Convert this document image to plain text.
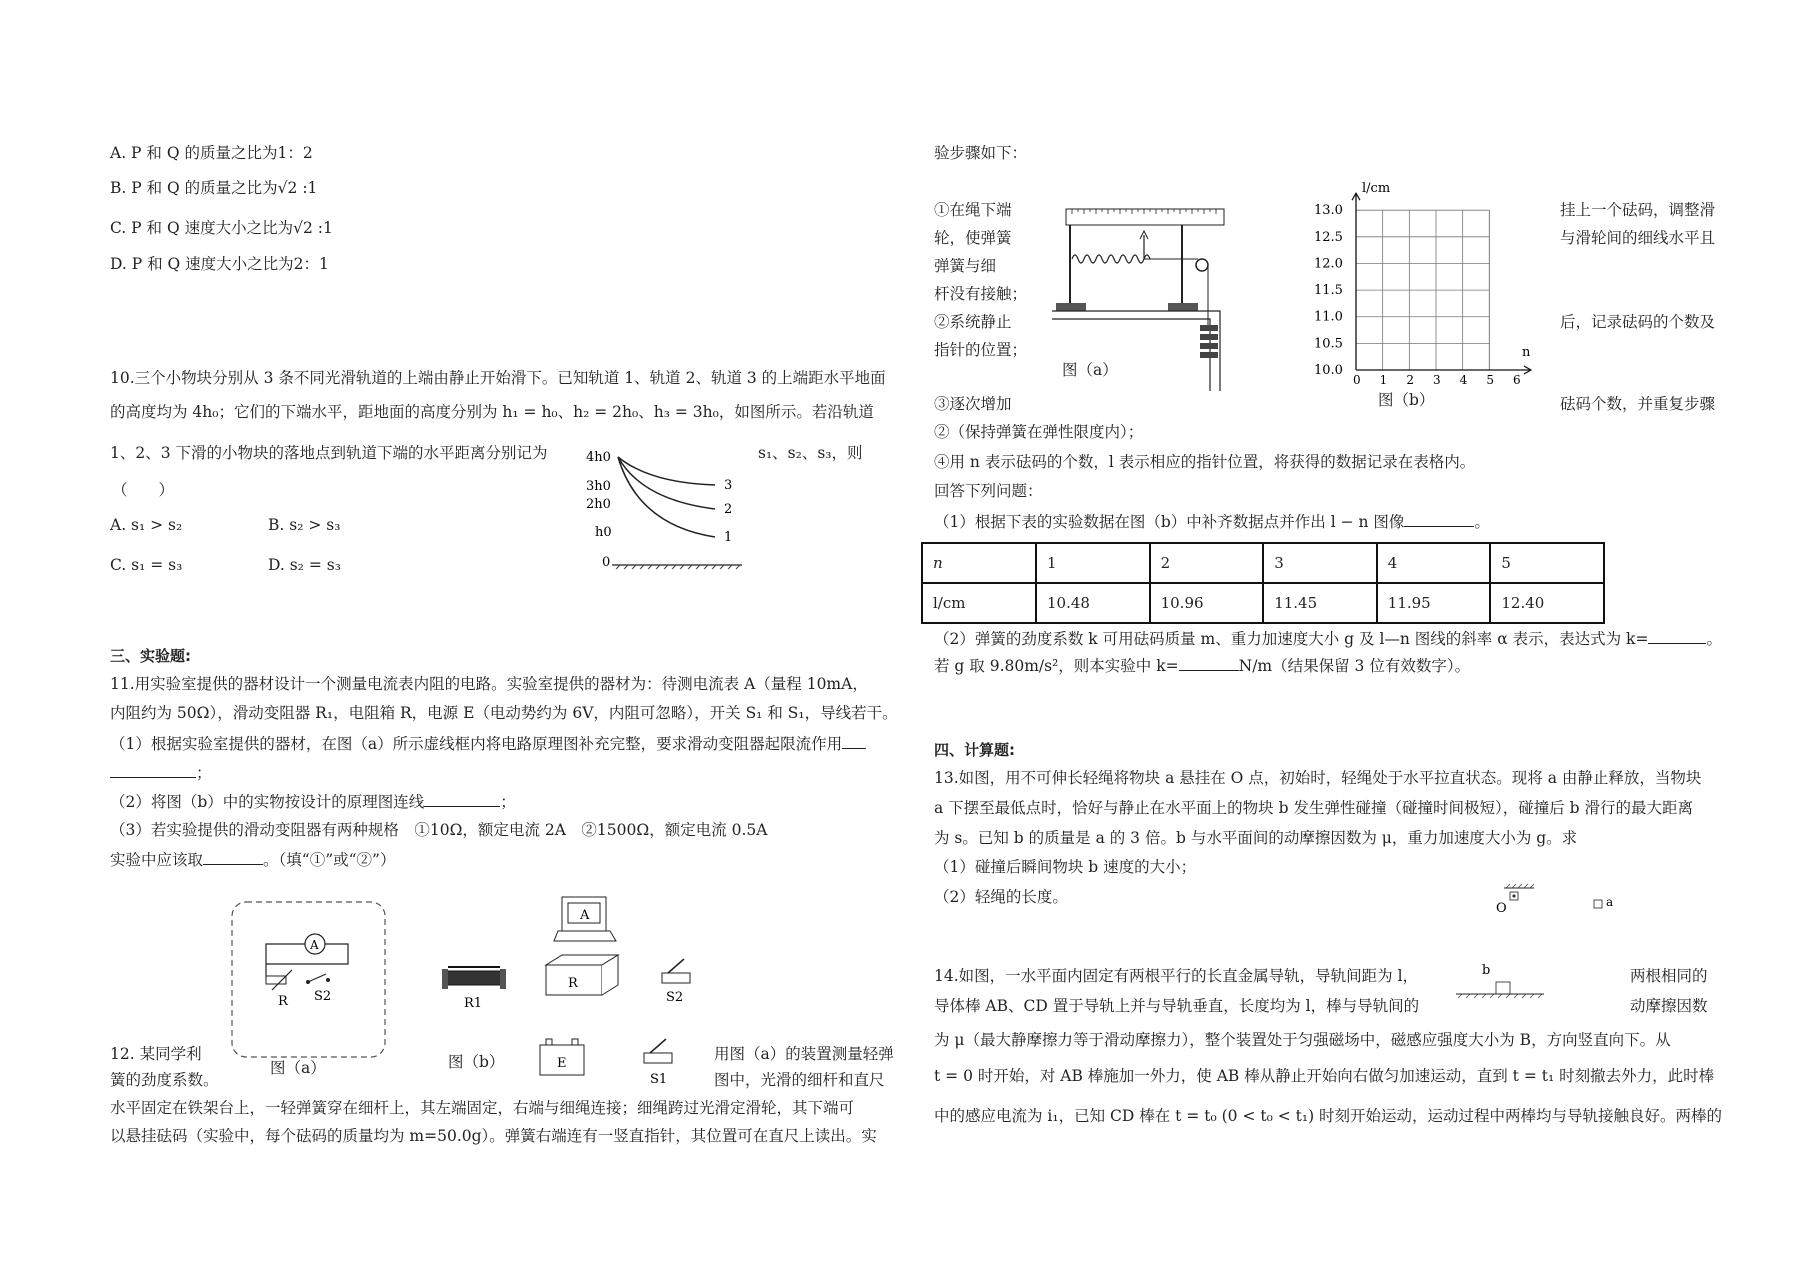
A. P 和 Q 的质量之比为1：2
B. P 和 Q 的质量之比为√2 :1
C. P 和 Q 速度大小之比为√2 :1
D. P 和 Q 速度大小之比为2：1
10.三个小物块分别从 3 条不同光滑轨道的上端由静止开始滑下。已知轨道 1、轨道 2、轨道 3 的上端距水平地面
的高度均为 4h₀；它们的下端水平，距地面的高度分别为 h₁ = h₀、h₂ = 2h₀、h₃ = 3h₀，如图所示。若沿轨道
1、2、3 下滑的小物块的落地点到轨道下端的水平距离分别记为	s₁、s₂、s₃，则
（　　）
A. s₁ > s₂	B. s₂ > s₃
C. s₁ = s₃	D. s₂ = s₃
4h0
3h0
2h0
h0
0
3
2
1
三、实验题:
11.用实验室提供的器材设计一个测量电流表内阻的电路。实验室提供的器材为：待测电流表 A（量程 10mA，
内阻约为 50Ω），滑动变阻器 R₁，电阻箱 R，电源 E（电动势约为 6V，内阻可忽略），开关 S₁ 和 S₁，导线若干。
（1）根据实验室提供的器材，在图（a）所示虚线框内将电路原理图补充完整，要求滑动变阻器起限流作用
；
（2）将图（b）中的实物按设计的原理图连线	；
（3）若实验提供的滑动变阻器有两种规格　①10Ω，额定电流 2A　②1500Ω，额定电流 0.5A
实验中应该取	。（填“①”或“②”）
A
R S2
图（a）
A
R1
R
S2
E
S1
图（b）
12. 某同学利	用图（a）的装置测量轻弹
簧的劲度系数。	图中，光滑的细杆和直尺
水平固定在铁架台上，一轻弹簧穿在细杆上，其左端固定，右端与细绳连接；细绳跨过光滑定滑轮，其下端可
以悬挂砝码（实验中，每个砝码的质量均为 m=50.0g）。弹簧右端连有一竖直指针，其位置可在直尺上读出。实
验步骤如下：
①在绳下端
轮，使弹簧
弹簧与细
杆没有接触；
②系统静止
指针的位置；
挂上一个砝码，调整滑
与滑轮间的细线水平且
后，记录砝码的个数及
③逐次增加	砝码个数，并重复步骤
图（a）
0 1 2 3 4 5 6
10.0
10.5
11.0
11.5
12.0
12.5
13.0
n
l/cm
图（b）
②（保持弹簧在弹性限度内）；
④用 n 表示砝码的个数，l 表示相应的指针位置，将获得的数据记录在表格内。
回答下列问题：
（1）根据下表的实验数据在图（b）中补齐数据点并作出 l − n 图像	。
n	1	2	3	4	5
l/cm	10.48	10.96	11.45	11.95	12.40
（2）弹簧的劲度系数 k 可用砝码质量 m、重力加速度大小 g 及 l—n 图线的斜率 α 表示，表达式为 k=	。
若 g 取 9.80m/s²，则本实验中 k=	N/m（结果保留 3 位有效数字）。
四、计算题:
13.如图，用不可伸长轻绳将物块 a 悬挂在 O 点，初始时，轻绳处于水平拉直状态。现将 a 由静止释放，当物块
a 下摆至最低点时，恰好与静止在水平面上的物块 b 发生弹性碰撞（碰撞时间极短），碰撞后 b 滑行的最大距离
为 s。已知 b 的质量是 a 的 3 倍。b 与水平面间的动摩擦因数为 μ，重力加速度大小为 g。求
（1）碰撞后瞬间物块 b 速度的大小；
（2）轻绳的长度。
O	a
14.如图，一水平面内固定有两根平行的长直金属导轨，导轨间距为 l，	两根相同的
导体棒 AB、CD 置于导轨上并与导轨垂直，长度均为 l，棒与导轨间的	动摩擦因数
为 μ（最大静摩擦力等于滑动摩擦力），整个装置处于匀强磁场中，磁感应强度大小为 B，方向竖直向下。从
t = 0 时开始，对 AB 棒施加一外力，使 AB 棒从静止开始向右做匀加速运动，直到 t = t₁ 时刻撤去外力，此时棒
中的感应电流为 i₁，已知 CD 棒在 t = t₀ (0 < t₀ < t₁) 时刻开始运动，运动过程中两棒均与导轨接触良好。两棒的
b
